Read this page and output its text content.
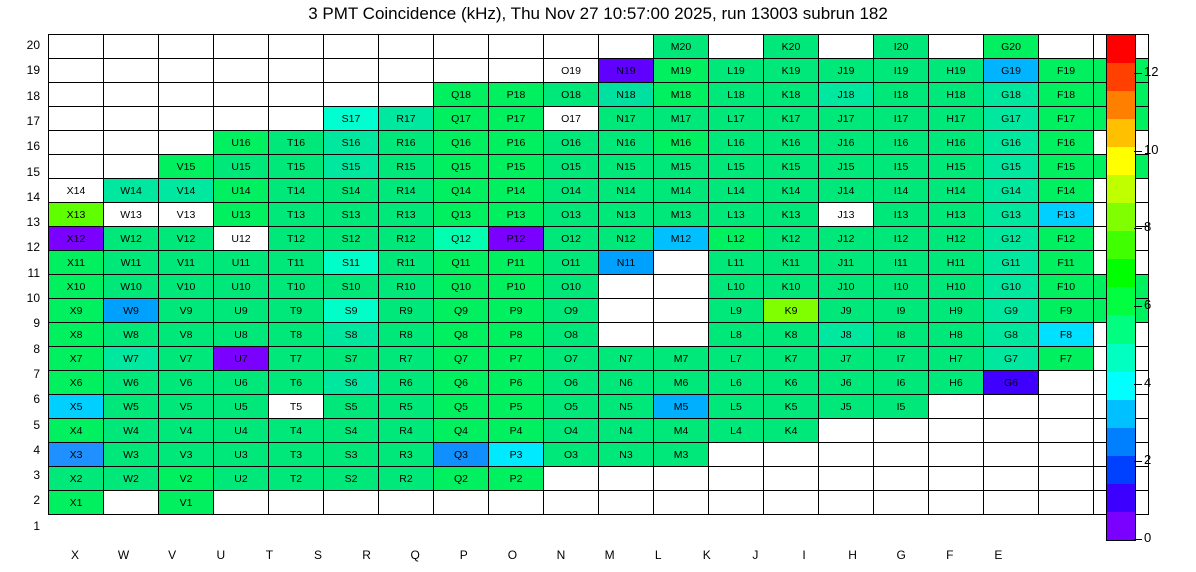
3 PMT Coincidence (kHz), Thu Nov 27 10:57:00 2025, run 13003 subrun 182
20
19
18
17
16
15
14
13
12
11
10
9
8
7
6
5
4
3
2
1
											M20		K20		I20		G20		
									O19	N19	M19	L19	K19	J19	I19	H19	G19	F19	
							Q18	P18	O18	N18	M18	L18	K18	J18	I18	H18	G18	F18	
					S17	R17	Q17	P17	O17	N17	M17	L17	K17	J17	I17	H17	G17	F17	
			U16	T16	S16	R16	Q16	P16	O16	N16	M16	L16	K16	J16	I16	H16	G16	F16	
		V15	U15	T15	S15	R15	Q15	P15	O15	N15	M15	L15	K15	J15	I15	H15	G15	F15	
X14	W14	V14	U14	T14	S14	R14	Q14	P14	O14	N14	M14	L14	K14	J14	I14	H14	G14	F14	
X13	W13	V13	U13	T13	S13	R13	Q13	P13	O13	N13	M13	L13	K13	J13	I13	H13	G13	F13	
X12	W12	V12	U12	T12	S12	R12	Q12	P12	O12	N12	M12	L12	K12	J12	I12	H12	G12	F12	
X11	W11	V11	U11	T11	S11	R11	Q11	P11	O11	N11		L11	K11	J11	I11	H11	G11	F11	
X10	W10	V10	U10	T10	S10	R10	Q10	P10	O10			L10	K10	J10	I10	H10	G10	F10	
X9	W9	V9	U9	T9	S9	R9	Q9	P9	O9			L9	K9	J9	I9	H9	G9	F9	
X8	W8	V8	U8	T8	S8	R8	Q8	P8	O8			L8	K8	J8	I8	H8	G8	F8	
X7	W7	V7	U7	T7	S7	R7	Q7	P7	O7	N7	M7	L7	K7	J7	I7	H7	G7	F7	
X6	W6	V6	U6	T6	S6	R6	Q6	P6	O6	N6	M6	L6	K6	J6	I6	H6	G6		
X5	W5	V5	U5	T5	S5	R5	Q5	P5	O5	N5	M5	L5	K5	J5	I5				
X4	W4	V4	U4	T4	S4	R4	Q4	P4	O4	N4	M4	L4	K4						
X3	W3	V3	U3	T3	S3	R3	Q3	P3	O3	N3	M3								
X2	W2	V2	U2	T2	S2	R2	Q2	P2											
X1		V1																	
X	W	V	U	T	S	R	Q	P	O	N	M	L	K	J	I	H	G	F	E
0
2
4
6
8
10
12
